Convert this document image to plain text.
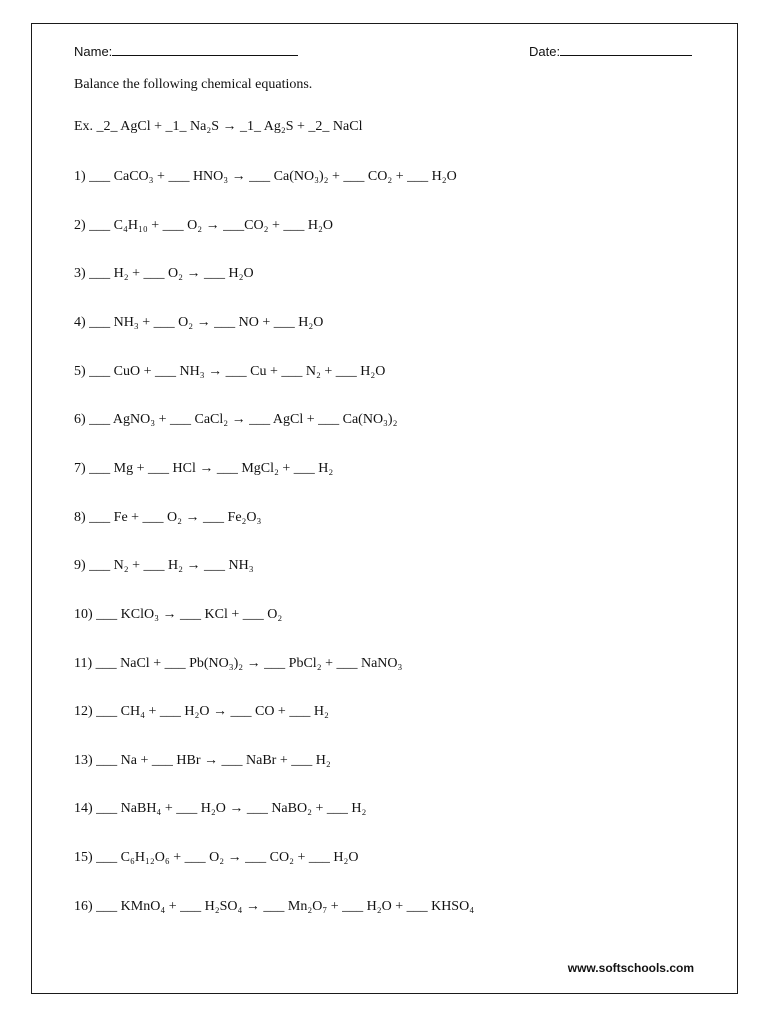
Name:	Date:
Balance the following chemical equations.
Ex. _2_ AgCl + _1_ Na₂S → _1_ Ag₂S + _2_ NaCl
1) ___ CaCO₃ + ___ HNO₃ → ___ Ca(NO₃)₂ + ___ CO₂ + ___ H₂O
2) ___ C₄H₁₀ + ___ O₂ → ___CO₂ + ___ H₂O
3) ___ H₂ + ___ O₂ → ___ H₂O
4) ___ NH₃ + ___ O₂ → ___ NO + ___ H₂O
5) ___ CuO + ___ NH₃ → ___ Cu + ___ N₂ + ___ H₂O
6) ___ AgNO₃ + ___ CaCl₂ → ___ AgCl + ___ Ca(NO₃)₂
7) ___ Mg + ___ HCl → ___ MgCl₂ + ___ H₂
8) ___ Fe + ___ O₂ → ___ Fe₂O₃
9) ___ N₂ + ___ H₂ → ___ NH₃
10) ___ KClO₃ → ___ KCl + ___ O₂
11) ___ NaCl + ___ Pb(NO₃)₂ → ___ PbCl₂ + ___ NaNO₃
12) ___ CH₄ + ___ H₂O → ___ CO + ___ H₂
13) ___ Na + ___ HBr → ___ NaBr + ___ H₂
14) ___ NaBH₄ + ___ H₂O → ___ NaBO₂ + ___ H₂
15) ___ C₆H₁₂O₆ + ___ O₂ → ___ CO₂ + ___ H₂O
16) ___ KMnO₄ + ___ H₂SO₄ → ___ Mn₂O₇ + ___ H₂O + ___ KHSO₄
www.softschools.com
